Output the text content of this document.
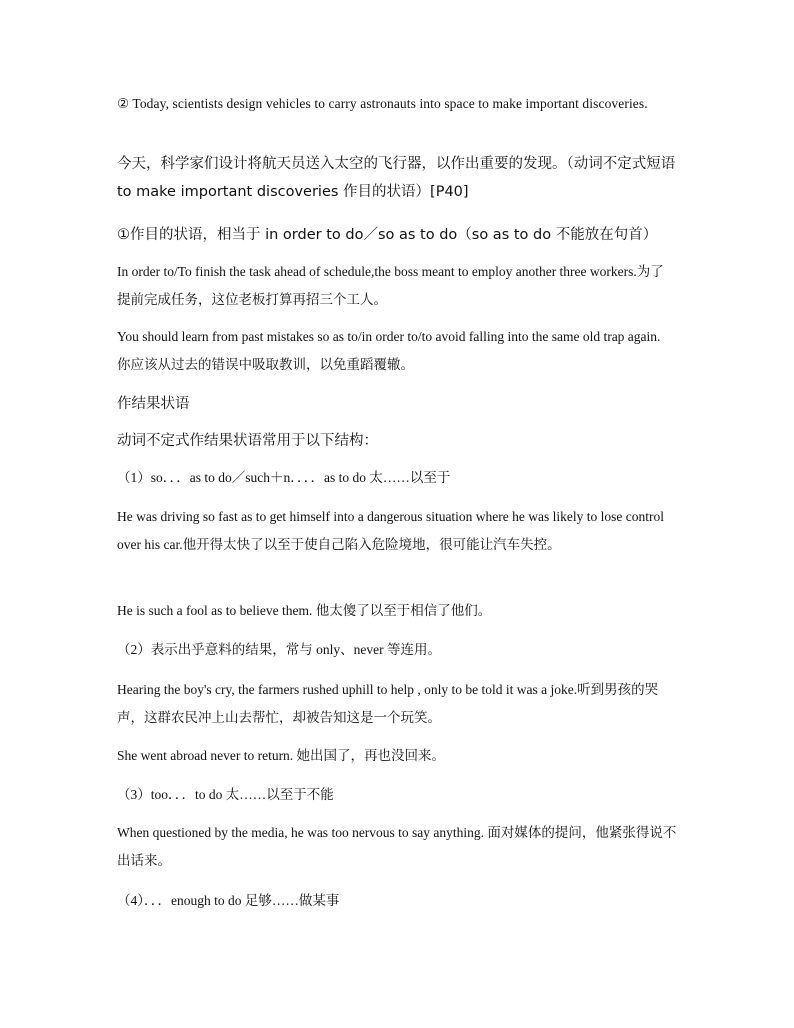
② Today, scientists design vehicles to carry astronauts into space to make important discoveries.

今天，科学家们设计将航天员送入太空的飞行器，以作出重要的发现。（动词不定式短语 to make important discoveries 作目的状语）[P40]

①作目的状语，相当于 in order to do／so as to do（so as to do 不能放在句首）

In order to/To finish the task ahead of schedule,the boss meant to employ another three workers.为了提前完成任务，这位老板打算再招三个工人。

You should learn from past mistakes so as to/in order to/to avoid falling into the same old trap again. 你应该从过去的错误中吸取教训，以免重蹈覆辙。

作结果状语

动词不定式作结果状语常用于以下结构：

（1）so．．．as to do／such＋n．．．．as to do 太……以至于

He was driving so fast as to get himself into a dangerous situation where he was likely to lose control over his car.他开得太快了以至于使自己陷入危险境地，很可能让汽车失控。

He is such a fool as to believe them. 他太傻了以至于相信了他们。

（2）表示出乎意料的结果，常与 only、never 等连用。

Hearing the boy's cry, the farmers rushed uphill to help , only to be told it was a joke.听到男孩的哭声，这群农民冲上山去帮忙，却被告知这是一个玩笑。

She went abroad never to return. 她出国了，再也没回来。

（3）too．．．to do 太……以至于不能

When questioned by the media, he was too nervous to say anything. 面对媒体的提问，他紧张得说不出话来。

（4）．．．enough to do 足够……做某事
